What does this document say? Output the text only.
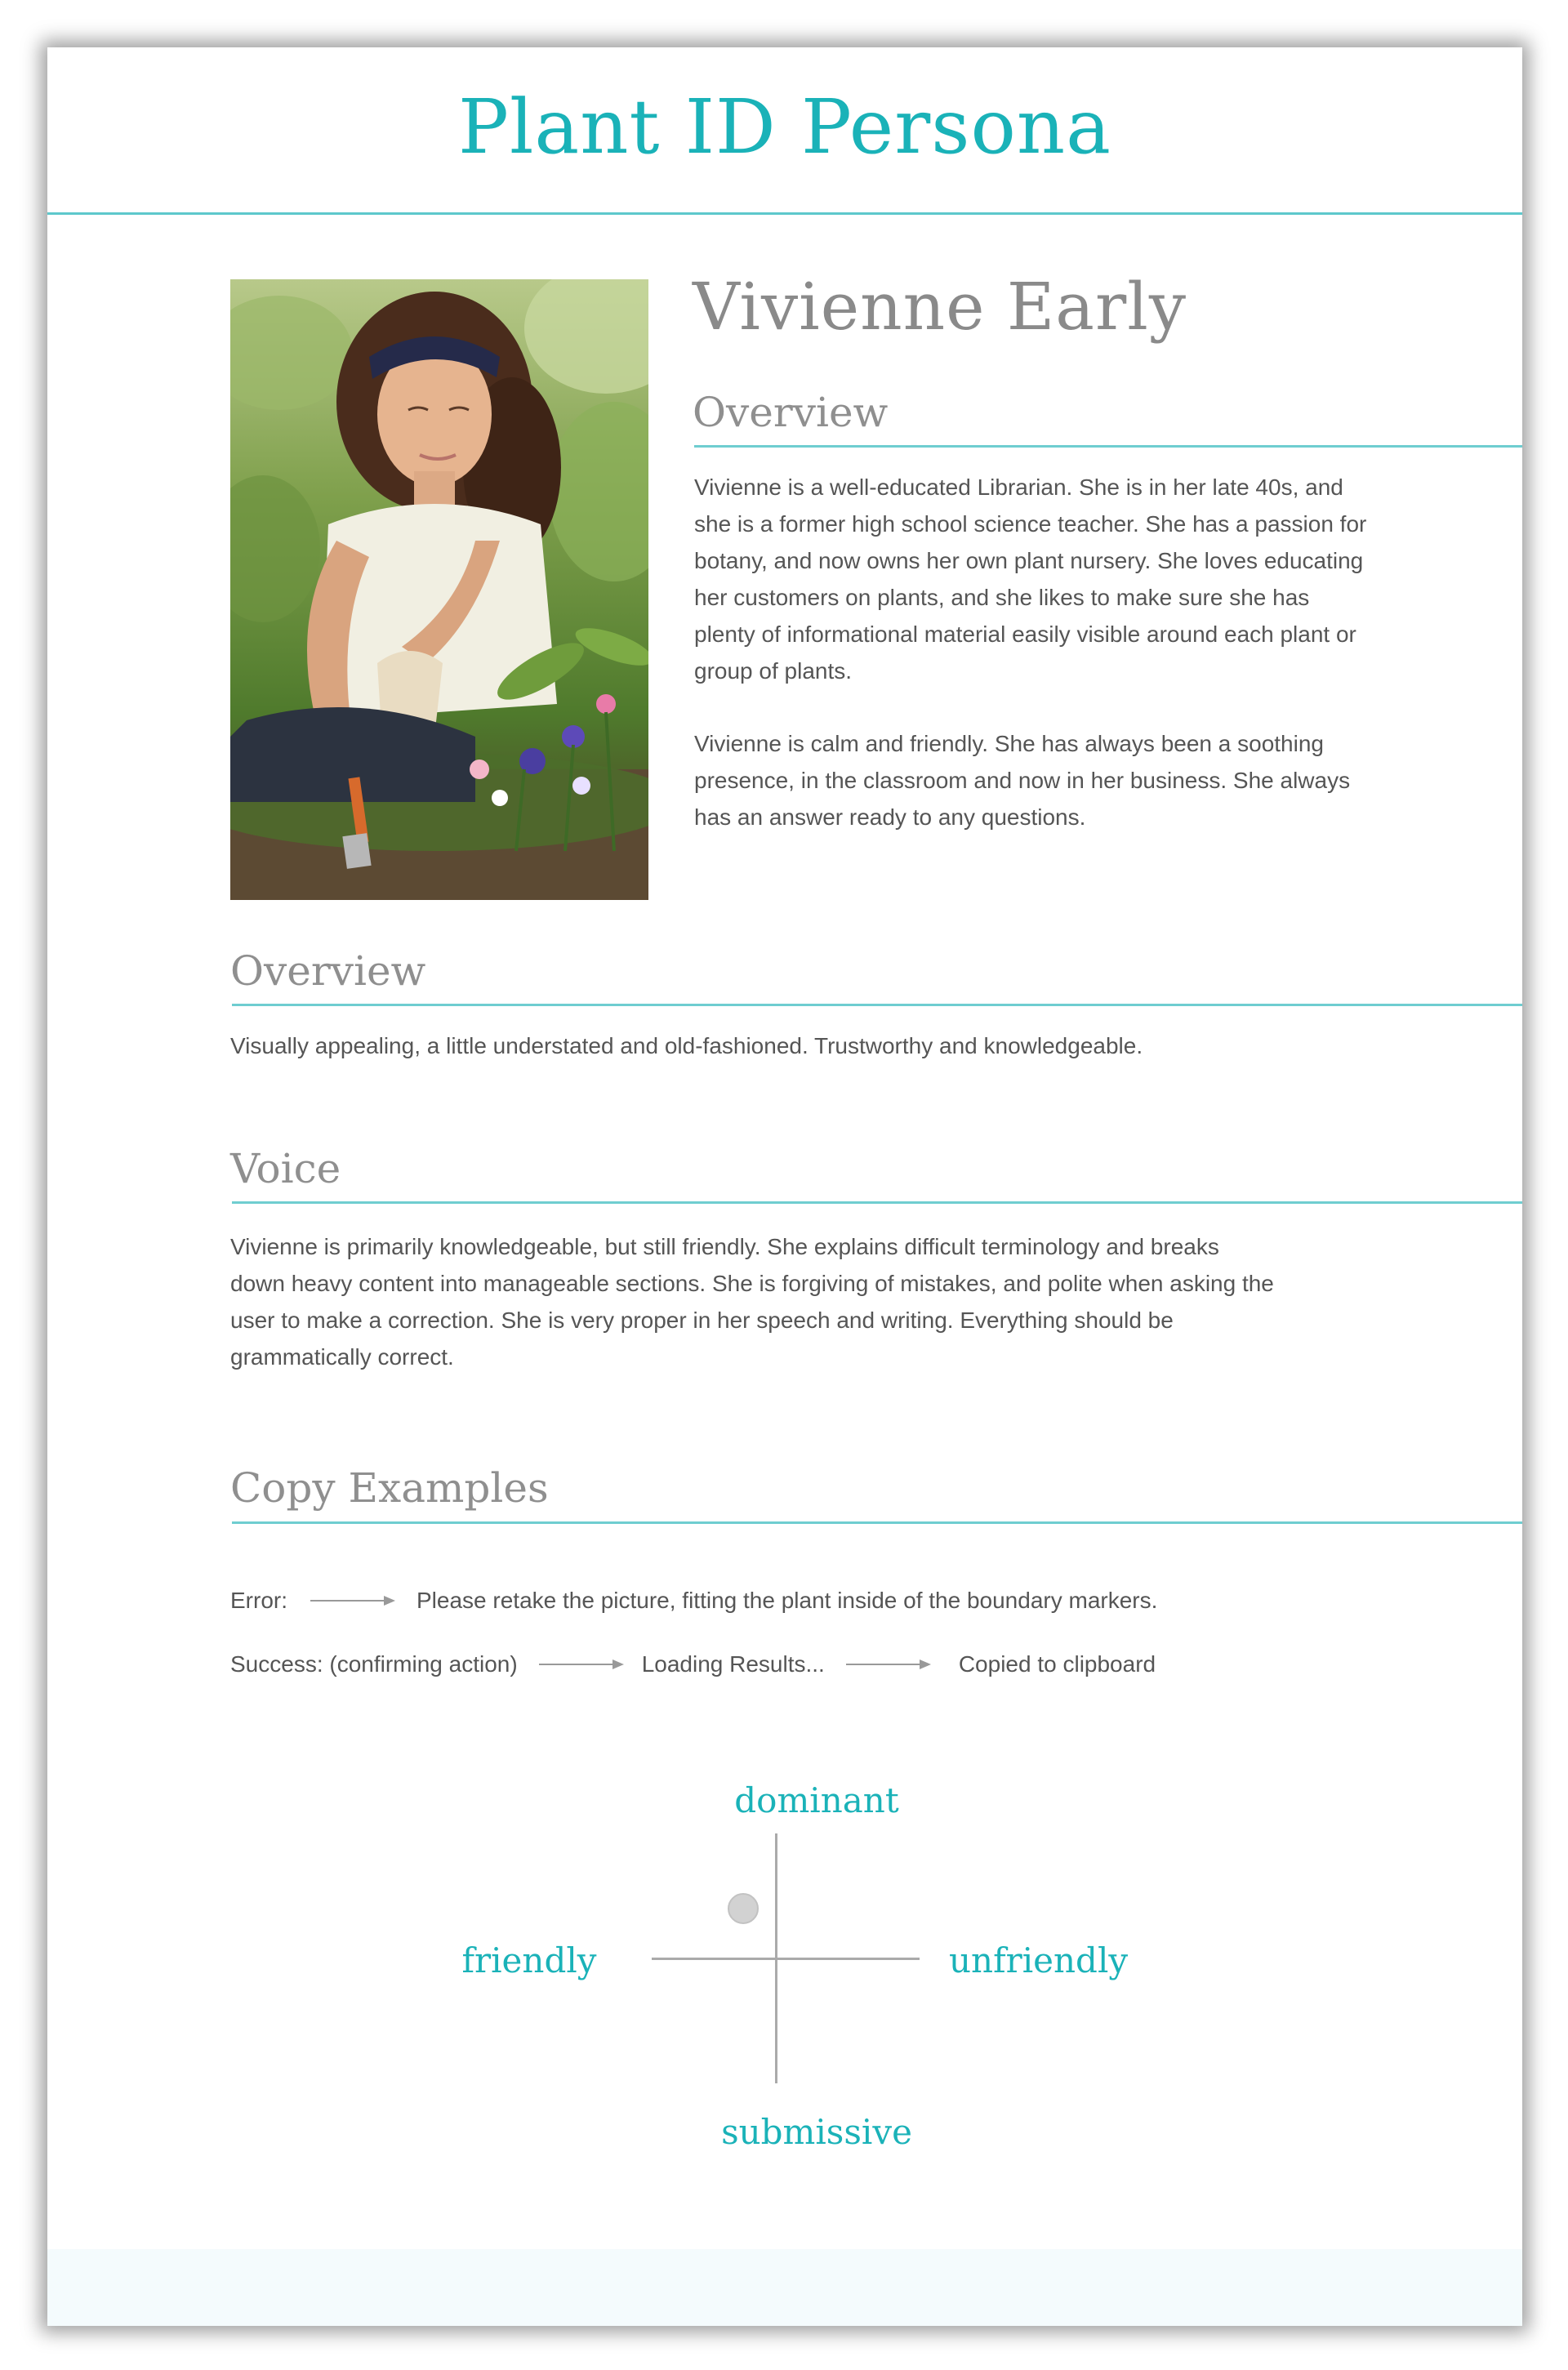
Plant ID Persona
Vivienne Early
Overview

Vivienne is a well-educated Librarian. She is in her late 40s, and she is a former high school science teacher. She has a passion for botany, and now owns her own plant nursery. She loves educating her customers on plants, and she likes to make sure she has plenty of informational material easily visible around each plant or group of plants.

Vivienne is calm and friendly. She has always been a soothing presence, in the classroom and now in her business. She always has an answer ready to any questions.

Overview

Visually appealing, a little understated and old-fashioned. Trustworthy and knowledgeable.

Voice

Vivienne is primarily knowledgeable, but still friendly. She explains difficult terminology and breaks down heavy content into manageable sections. She is forgiving of mistakes, and polite when asking the user to make a correction. She is very proper in her speech and writing. Everything should be grammatically correct.

Copy Examples
Error:	Please retake the picture, fitting the plant inside of the boundary markers.
Success: (confirming action)	Loading Results...	Copied to clipboard
dominant
submissive
friendly	unfriendly
